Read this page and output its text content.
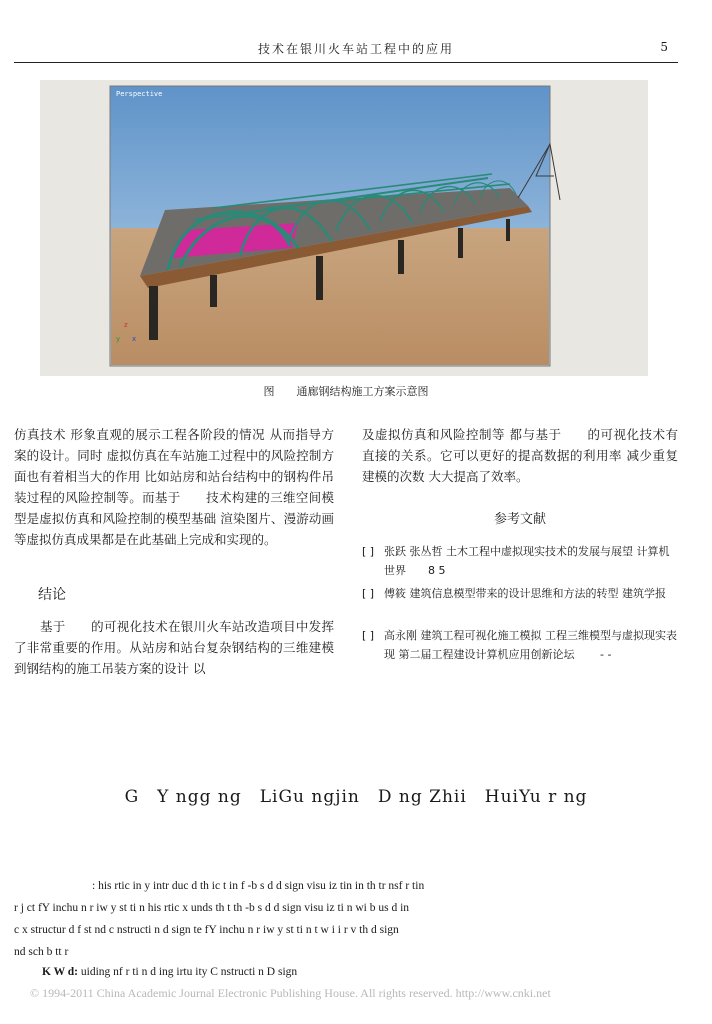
技术在银川火车站工程中的应用	5
Perspective
z
y x
图　　通廊钢结构施工方案示意图
仿真技术 形象直观的展示工程各阶段的情况 从而指导方案的设计。同时 虚拟仿真在车站施工过程中的风险控制方面也有着相当大的作用 比如站房和站台结构中的钢构件吊装过程的风险控制等。而基于　　技术构建的三维空间模型是虚拟仿真和风险控制的模型基础 渲染图片、漫游动画等虚拟仿真成果都是在此基础上完成和实现的。
结论
基于　　的可视化技术在银川火车站改造项目中发挥了非常重要的作用。从站房和站台复杂钢结构的三维建模 到钢结构的施工吊装方案的设计 以
及虚拟仿真和风险控制等 都与基于　　的可视化技术有直接的关系。它可以更好的提高数据的利用率 减少重复建模的次数 大大提高了效率。
参考文献
[ ] 张跃 张丛哲 土木工程中虚拟现实技术的发展与展望 计算机世界　　8 5
[ ] 傅筱 建筑信息模型带来的设计思维和方法的转型 建筑学报
[ ] 高永刚 建筑工程可视化施工模拟 工程三维模型与虚拟现实表现 第二届工程建设计算机应用创新论坛　　 - -
G　Y ngg ng　LiGu ngjin　D ng Zhii　HuiYu r ng
: his rtic in y intr duc d th ic t in f -b s d d sign visu iz tin in th tr nsf r tin
r j ct fY inchu n r iw y st ti n his rtic x unds th t th -b s d d sign visu iz ti n wi b us d in
c x structur d f st nd c nstructi n d sign te fY inchu n r iw y st ti n t w i i r v th d sign
nd sch b tt r
K W d: uiding nf r ti n d ing irtu ity C nstructi n D sign
© 1994-2011 China Academic Journal Electronic Publishing House. All rights reserved. http://www.cnki.net
